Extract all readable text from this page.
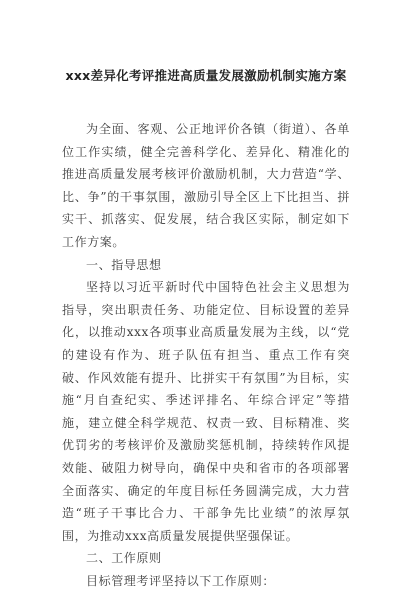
xxx差异化考评推进高质量发展激励机制实施方案

为全面、客观、公正地评价各镇（街道）、各单位工作实绩，健全完善科学化、差异化、精准化的推进高质量发展考核评价激励机制，大力营造“学、比、争”的干事氛围，激励引导全区上下比担当、拼实干、抓落实、促发展，结合我区实际，制定如下工作方案。

一、指导思想

坚持以习近平新时代中国特色社会主义思想为指导，突出职责任务、功能定位、目标设置的差异化，以推动xxx各项事业高质量发展为主线，以“党的建设有作为、班子队伍有担当、重点工作有突破、作风效能有提升、比拼实干有氛围”为目标，实施“月自查纪实、季述评排名、年综合评定”等措施，建立健全科学规范、权责一致、目标精准、奖优罚劣的考核评价及激励奖惩机制，持续转作风提效能、破阻力树导向，确保中央和省市的各项部署全面落实、确定的年度目标任务圆满完成，大力营造“班子干事比合力、干部争先比业绩”的浓厚氛围，为推动xxx高质量发展提供坚强保证。

二、工作原则

目标管理考评坚持以下工作原则：
